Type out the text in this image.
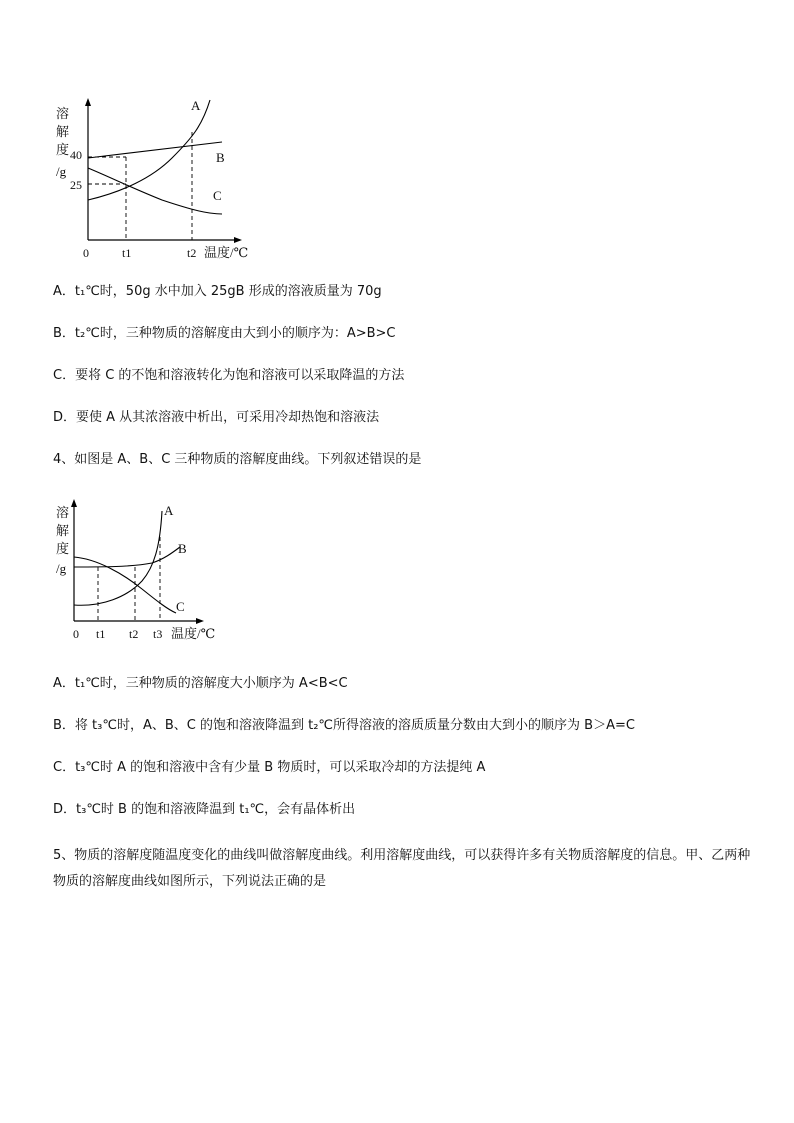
溶
解
度
/g
40
25
A
B
C
0	t1	t2 温度/℃
A．t₁℃时，50g 水中加入 25gB 形成的溶液质量为 70g
B．t₂℃时，三种物质的溶解度由大到小的顺序为：A>B>C
C．要将 C 的不饱和溶液转化为饱和溶液可以采取降温的方法
D．要使 A 从其浓溶液中析出，可采用冷却热饱和溶液法
4、如图是 A、B、C 三种物质的溶解度曲线。下列叙述错误的是
溶
解
度
/g
A
B
C
0 t1 t2 t3 温度/℃
A．t₁℃时，三种物质的溶解度大小顺序为 A<B<C
B．将 t₃℃时，A、B、C 的饱和溶液降温到 t₂℃所得溶液的溶质质量分数由大到小的顺序为 B＞A=C
C．t₃℃时 A 的饱和溶液中含有少量 B 物质时，可以采取冷却的方法提纯 A
D．t₃℃时 B 的饱和溶液降温到 t₁℃，会有晶体析出
5、物质的溶解度随温度变化的曲线叫做溶解度曲线。利用溶解度曲线，可以获得许多有关物质溶解度的信息。甲、乙两种物质的溶解度曲线如图所示，下列说法正确的是
